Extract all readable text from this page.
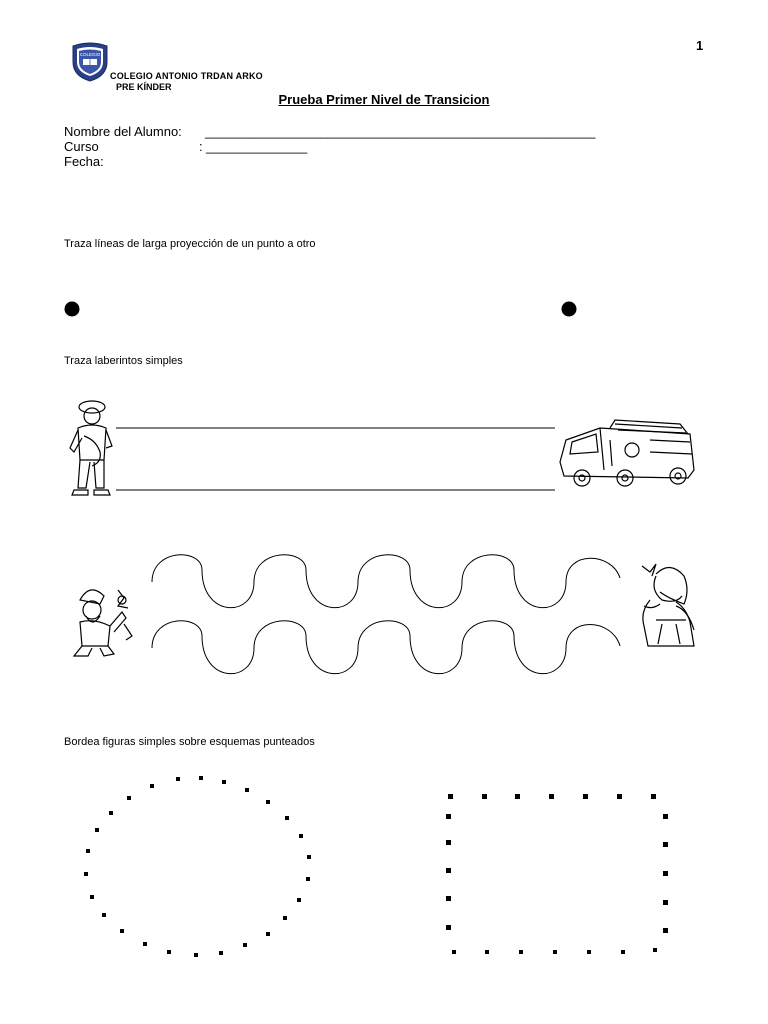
1
COLEGIO
COLEGIO ANTONIO TRDAN ARKO
PRE KÍNDER
Prueba Primer Nivel de Transicion
Nombre del Alumno: ______________________________________________________
Curso	: ______________
Fecha:
Traza líneas de larga proyección de un punto a otro
Traza laberintos simples
Bordea figuras simples sobre esquemas punteados
